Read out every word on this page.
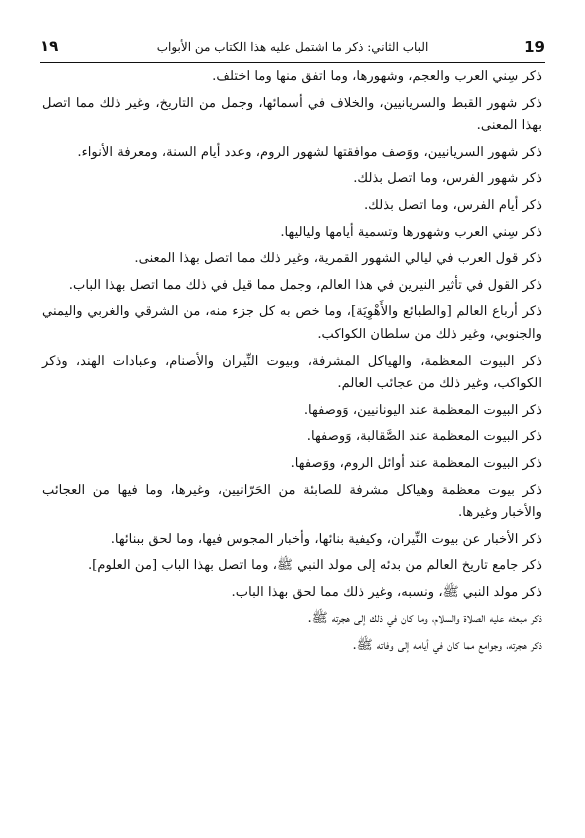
19
الباب الثاني: ذكر ما اشتمل عليه هذا الكتاب من الأبواب
١٩

ذكر سِني العرب والعجم، وشهورها، وما اتفق منها وما اختلف.

ذكر شهور القبط والسريانيين، والخلاف في أسمائها، وجمل من التاريخ، وغير ذلك مما اتصل بهذا المعنى.

ذكر شهور السريانيين، ووَصف موافقتها لشهور الروم، وعدد أيام السنة، ومعرفة الأنواء.

ذكر شهور الفرس، وما اتصل بذلك.

ذكر أيام الفرس، وما اتصل بذلك.

ذكر سِني العرب وشهورها وتسمية أيامها ولياليها.

ذكر قول العرب في ليالي الشهور القمرية، وغير ذلك مما اتصل بهذا المعنى.

ذكر القول في تأثير النيرين في هذا العالم، وجمل مما قيل في ذلك مما اتصل بهذا الباب.

ذكر أرباع العالم [والطبائع والأَهْوِيَة]، وما خص به كل جزء منه، من الشرقي والغربي واليمني والجنوبي، وغير ذلك من سلطان الكواكب.

ذكر البيوت المعظمة، والهياكل المشرفة، وبيوت النِّيران والأصنام، وعبادات الهند، وذكر الكواكب، وغير ذلك من عجائب العالم.

ذكر البيوت المعظمة عند اليونانيين، وَوصفها.

ذكر البيوت المعظمة عند الصَّقالبة، وَوصفها.

ذكر البيوت المعظمة عند أوائل الروم، ووَصفها.

ذكر بيوت معظمة وهياكل مشرفة للصابئة من الحَرّانيين، وغيرها، وما فيها من العجائب والأخبار وغيرها.

ذكر الأخبار عن بيوت النِّيران، وكيفية بنائها، وأخبار المجوس فيها، وما لحق ببنائها.

ذكر جامع تاريخ العالم من بدئه إلى مولد النبي ﷺ، وما اتصل بهذا الباب [من العلوم].

ذكر مولد النبي ﷺ، ونسبه، وغير ذلك مما لحق بهذا الباب.

ذكر مبعثه عليه الصلاة والسلام، وما كان في ذلك إلى هجرته ﷺ.

ذكر هجرته، وجوامع مما كان في أيامه إلى وفاته ﷺ.
